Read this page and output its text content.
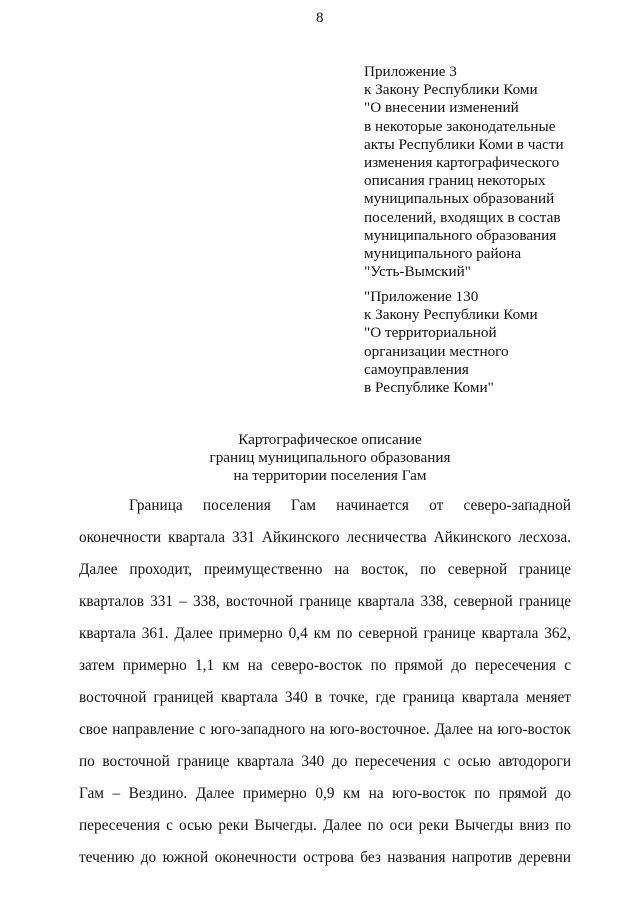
8
Приложение 3
к Закону Республики Коми
"О внесении изменений
в некоторые законодательные
акты Республики Коми в части
изменения картографического
описания границ некоторых
муниципальных образований
поселений, входящих в состав
муниципального образования
муниципального района
"Усть-Вымский"
"Приложение 130
к Закону Республики Коми
"О территориальной
организации местного
самоуправления
в Республике Коми"
Картографическое описание
границ муниципального образования
на территории поселения Гам
Граница поселения Гам начинается от северо-западной
оконечности квартала 331 Айкинского лесничества Айкинского лесхоза.
Далее проходит, преимущественно на восток, по северной границе
кварталов 331 – 338, восточной границе квартала 338, северной границе
квартала 361. Далее примерно 0,4 км по северной границе квартала 362,
затем примерно 1,1 км на северо-восток по прямой до пересечения с
восточной границей квартала 340 в точке, где граница квартала меняет
свое направление с юго-западного на юго-восточное. Далее на юго-восток
по восточной границе квартала 340 до пересечения с осью автодороги
Гам – Вездино. Далее примерно 0,9 км на юго-восток по прямой до
пересечения с осью реки Вычегды. Далее по оси реки Вычегды вниз по
течению до южной оконечности острова без названия напротив деревни
